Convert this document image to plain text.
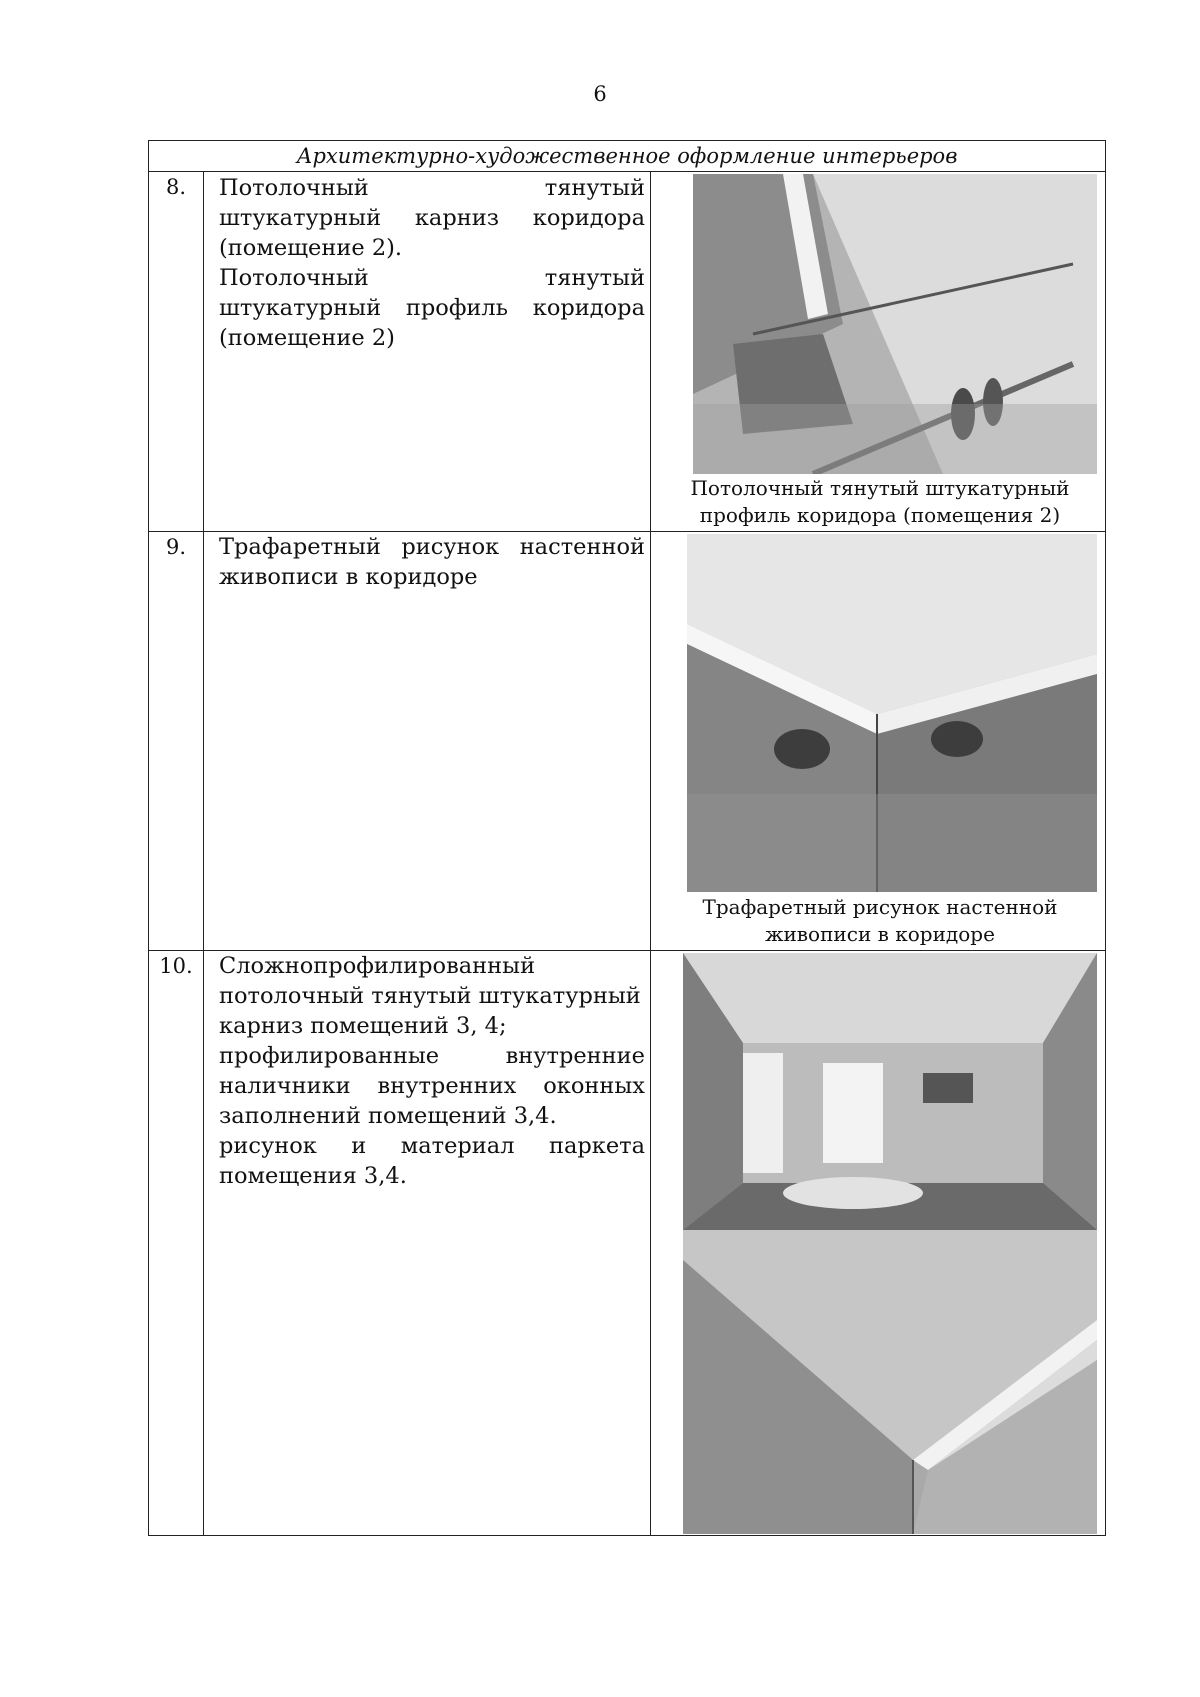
6
Архитектурно-художественное оформление интерьеров
8.	Потолочный тянутый штукатурный карниз коридора (помещение 2).

Потолочный тянутый штукатурный профиль коридора (помещение 2)

Потолочный тянутый штукатурный профиль коридора (помещения 2)
9.	Трафаретный рисунок настенной живописи в коридоре

Трафаретный рисунок настенной живописи в коридоре
10.	Сложнопрофилированный потолочный тянутый штукатурный карниз помещений 3, 4;

профилированные внутренние наличники внутренних оконных заполнений помещений 3,4.

рисунок и материал паркета помещения 3,4.
